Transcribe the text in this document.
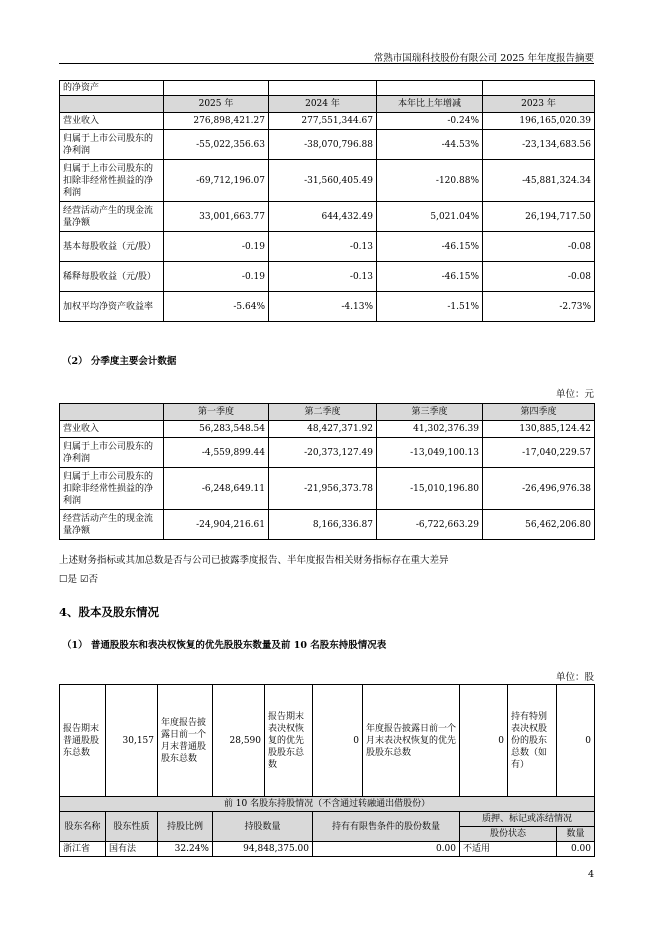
常熟市国瑞科技股份有限公司 2025 年年度报告摘要
的净资产				
	2025 年	2024 年	本年比上年增减	2023 年
营业收入	276,898,421.27	277,551,344.67	-0.24%	196,165,020.39
归属于上市公司股东的净利润	-55,022,356.63	-38,070,796.88	-44.53%	-23,134,683.56
归属于上市公司股东的扣除非经常性损益的净利润	-69,712,196.07	-31,560,405.49	-120.88%	-45,881,324.34
经营活动产生的现金流量净额	33,001,663.77	644,432.49	5,021.04%	26,194,717.50
基本每股收益（元/股）	-0.19	-0.13	-46.15%	-0.08
稀释每股收益（元/股）	-0.19	-0.13	-46.15%	-0.08
加权平均净资产收益率	-5.64%	-4.13%	-1.51%	-2.73%
（2） 分季度主要会计数据
单位：元
	第一季度	第二季度	第三季度	第四季度
营业收入	56,283,548.54	48,427,371.92	41,302,376.39	130,885,124.42
归属于上市公司股东的净利润	-4,559,899.44	-20,373,127.49	-13,049,100.13	-17,040,229.57
归属于上市公司股东的扣除非经常性损益的净利润	-6,248,649.11	-21,956,373.78	-15,010,196.80	-26,496,976.38
经营活动产生的现金流量净额	-24,904,216.61	8,166,336.87	-6,722,663.29	56,462,206.80
上述财务指标或其加总数是否与公司已披露季度报告、半年度报告相关财务指标存在重大差异
☐是 ☑否
4、股本及股东情况
（1） 普通股股东和表决权恢复的优先股股东数量及前 10 名股东持股情况表
单位：股
报告期末普通股股东总数	30,157	年度报告披露日前一个月末普通股股东总数	28,590	报告期末表决权恢复的优先股股东总数	0	年度报告披露日前一个月末表决权恢复的优先股股东总数	0	持有特别表决权股份的股东总数（如有）	0
前 10 名股东持股情况（不含通过转融通出借股份）									
股东名称	股东性质	持股比例	持股数量		持有有限售条件的股份数量		质押、标记或冻结情况		
							股份状态		数量
浙江省	国有法	32.24%	94,848,375.00		0.00		不适用		0.00
4
